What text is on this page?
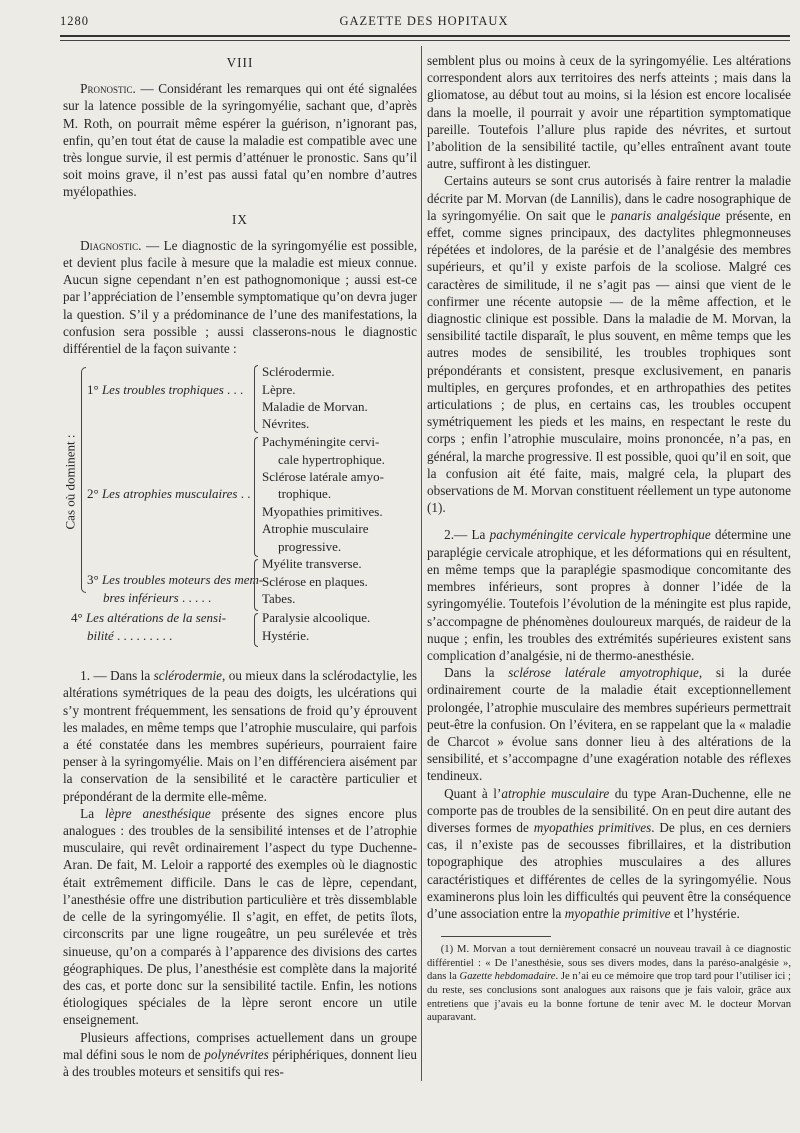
1280	GAZETTE DES HOPITAUX

VIII

Pronostic. — Considérant les remarques qui ont été signalées sur la latence possible de la syringomyélie, sachant que, d’après M. Roth, on pourrait même espérer la guérison, n’ignorant pas, enfin, qu’en tout état de cause la maladie est compatible avec une très longue survie, il est permis d’atténuer le pronostic. Sans qu’il soit moins grave, il n’est pas aussi fatal qu’en nombre d’autres myélopathies.

IX

Diagnostic. — Le diagnostic de la syringomyélie est possible, et devient plus facile à mesure que la maladie est mieux connue. Aucun signe cependant n’en est pathognomonique ; aussi est-ce par l’appréciation de l’ensemble symptomatique qu’on devra juger la question. S’il y a prédominance de l’une des manifestations, la confusion sera possible ; aussi classerons-nous le diagnostic différentiel de la façon suivante :

Cas où dominent :
1° Les troubles trophiques . . .
Sclérodermie.
Lèpre.
Maladie de Morvan.
Névrites.
2° Les atrophies musculaires . .
Pachyméningite cervi-
cale hypertrophique.
Sclérose latérale amyo-
trophique.
Myopathies primitives.
Atrophie musculaire
progressive.
3° Les troubles moteurs des mem-
bres inférieurs . . . . .
Myélite transverse.
Sclérose en plaques.
Tabes.
4° Les altérations de la sensi-
bilité . . . . . . . . .
Paralysie alcoolique.
Hystérie.

1. — Dans la sclérodermie, ou mieux dans la sclérodactylie, les altérations symétriques de la peau des doigts, les ulcérations qui s’y montrent fréquemment, les sensations de froid qu’y éprouvent les malades, en même temps que l’atrophie musculaire, qui parfois a été constatée dans les membres supérieurs, pourraient faire penser à la syringomyélie. Mais on l’en différenciera aisément par la conservation de la sensibilité et le caractère particulier et prépondérant de la dermite elle-même.

La lèpre anesthésique présente des signes encore plus analogues : des troubles de la sensibilité intenses et de l’atrophie musculaire, qui revêt ordinairement l’aspect du type Duchenne-Aran. De fait, M. Leloir a rapporté des exemples où le diagnostic était extrêmement difficile. Dans le cas de lèpre, cependant, l’anesthésie offre une distribution particulière et très dissemblable de celle de la syringomyélie. Il s’agit, en effet, de petits îlots, circonscrits par une ligne rougeâtre, un peu surélevée et très sinueuse, qu’on a comparés à l’apparence des divisions des cartes géographiques. De plus, l’anesthésie est complète dans la majorité des cas, et porte donc sur la sensibilité tactile. Enfin, les notions étiologiques spéciales de la lèpre seront encore un utile enseignement.

Plusieurs affections, comprises actuellement dans un groupe mal défini sous le nom de polynévrites périphériques, donnent lieu à des troubles moteurs et sensitifs qui res-

semblent plus ou moins à ceux de la syringomyélie. Les altérations correspondent alors aux territoires des nerfs atteints ; mais dans la gliomatose, au début tout au moins, si la lésion est encore localisée dans la moelle, il pourrait y avoir une répartition symptomatique pareille. Toutefois l’allure plus rapide des névrites, et surtout l’abolition de la sensibilité tactile, qu’elles entraînent avant toute autre, suffiront à les distinguer.

Certains auteurs se sont crus autorisés à faire rentrer la maladie décrite par M. Morvan (de Lannilis), dans le cadre nosographique de la syringomyélie. On sait que le panaris analgésique présente, en effet, comme signes principaux, des dactylites phlegmonneuses répétées et indolores, de la parésie et de l’analgésie des membres supérieurs, et qu’il y existe parfois de la scoliose. Malgré ces caractères de similitude, il ne s’agit pas — ainsi que vient de le confirmer une récente autopsie — de la même affection, et le diagnostic clinique est possible. Dans la maladie de M. Morvan, la sensibilité tactile disparaît, le plus souvent, en même temps que les autres modes de sensibilité, les troubles trophiques sont prépondérants et consistent, presque exclusivement, en panaris multiples, en gerçures profondes, et en arthropathies des petites articulations ; de plus, en certains cas, les troubles occupent symétriquement les pieds et les mains, en respectant le reste du corps ; enfin l’atrophie musculaire, moins prononcée, n’a pas, en général, la marche progressive. Il est possible, quoi qu’il en soit, que la confusion ait été faite, mais, malgré cela, la plupart des observations de M. Morvan constituent réellement un type autonome (1).

2.— La pachyméningite cervicale hypertrophique détermine une paraplégie cervicale atrophique, et les déformations qui en résultent, en même temps que la paraplégie spasmodique concomitante des membres inférieurs, sont propres à donner l’idée de la syringomyélie. Toutefois l’évolution de la méningite est plus rapide, s’accompagne de phénomènes douloureux marqués, de raideur de la nuque ; enfin, les troubles des extrémités supérieures existent sans complication d’analgésie, ni de thermo-anesthésie.

Dans la sclérose latérale amyotrophique, si la durée ordinairement courte de la maladie était exceptionnellement prolongée, l’atrophie musculaire des membres supérieurs permettrait peut-être la confusion. On l’évitera, en se rappelant que la « maladie de Charcot » évolue sans donner lieu à des altérations de la sensibilité, et s’accompagne d’une exagération notable des réflexes tendineux.

Quant à l’atrophie musculaire du type Aran-Duchenne, elle ne comporte pas de troubles de la sensibilité. On en peut dire autant des diverses formes de myopathies primitives. De plus, en ces derniers cas, il n’existe pas de secousses fibrillaires, et la distribution topographique des atrophies musculaires a des allures caractéristiques et différentes de celles de la syringomyélie. Nous examinerons plus loin les difficultés qui peuvent être la conséquence d’une association entre la myopathie primitive et l’hystérie.

(1) M. Morvan a tout dernièrement consacré un nouveau travail à ce diagnostic différentiel : « De l’anesthésie, sous ses divers modes, dans la paréso-analgésie », dans la Gazette hebdomadaire. Je n’ai eu ce mémoire que trop tard pour l’utiliser ici ; du reste, ses conclusions sont analogues aux raisons que je fais valoir, grâce aux entretiens que j’avais eu la bonne fortune de tenir avec M. le docteur Morvan auparavant.
